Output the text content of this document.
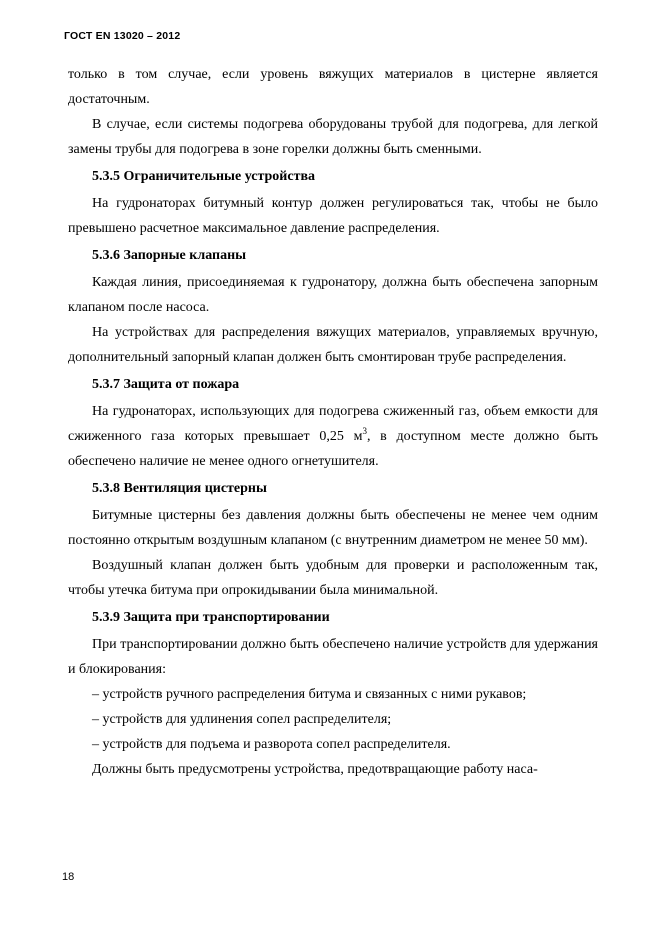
ГОСТ EN 13020 – 2012

только в том случае, если уровень вяжущих материалов в цистерне является достаточным.

В случае, если системы подогрева оборудованы трубой для подогрева, для легкой замены трубы для подогрева в зоне горелки должны быть сменными.

5.3.5 Ограничительные устройства

На гудронаторах битумный контур должен регулироваться так, чтобы не было превышено расчетное максимальное давление распределения.

5.3.6 Запорные клапаны

Каждая линия, присоединяемая к гудронатору, должна быть обеспечена запорным клапаном после насоса.

На устройствах для распределения вяжущих материалов, управляемых вручную, дополнительный запорный клапан должен быть смонтирован трубе распределения.

5.3.7 Защита от пожара

На гудронаторах, использующих для подогрева сжиженный газ, объем емкости для сжиженного газа которых превышает 0,25 $м^3$, в доступном месте должно быть обеспечено наличие не менее одного огнетушителя.

5.3.8 Вентиляция цистерны

Битумные цистерны без давления должны быть обеспечены не менее чем одним постоянно открытым воздушным клапаном (с внутренним диаметром не менее 50 мм).

Воздушный клапан должен быть удобным для проверки и расположенным так, чтобы утечка битума при опрокидывании была минимальной.

5.3.9 Защита при транспортировании

При транспортировании должно быть обеспечено наличие устройств для удержания и блокирования:

– устройств ручного распределения битума и связанных с ними рукавов;

– устройств для удлинения сопел распределителя;

– устройств для подъема и разворота сопел распределителя.

Должны быть предусмотрены устройства, предотвращающие работу наса-

18
